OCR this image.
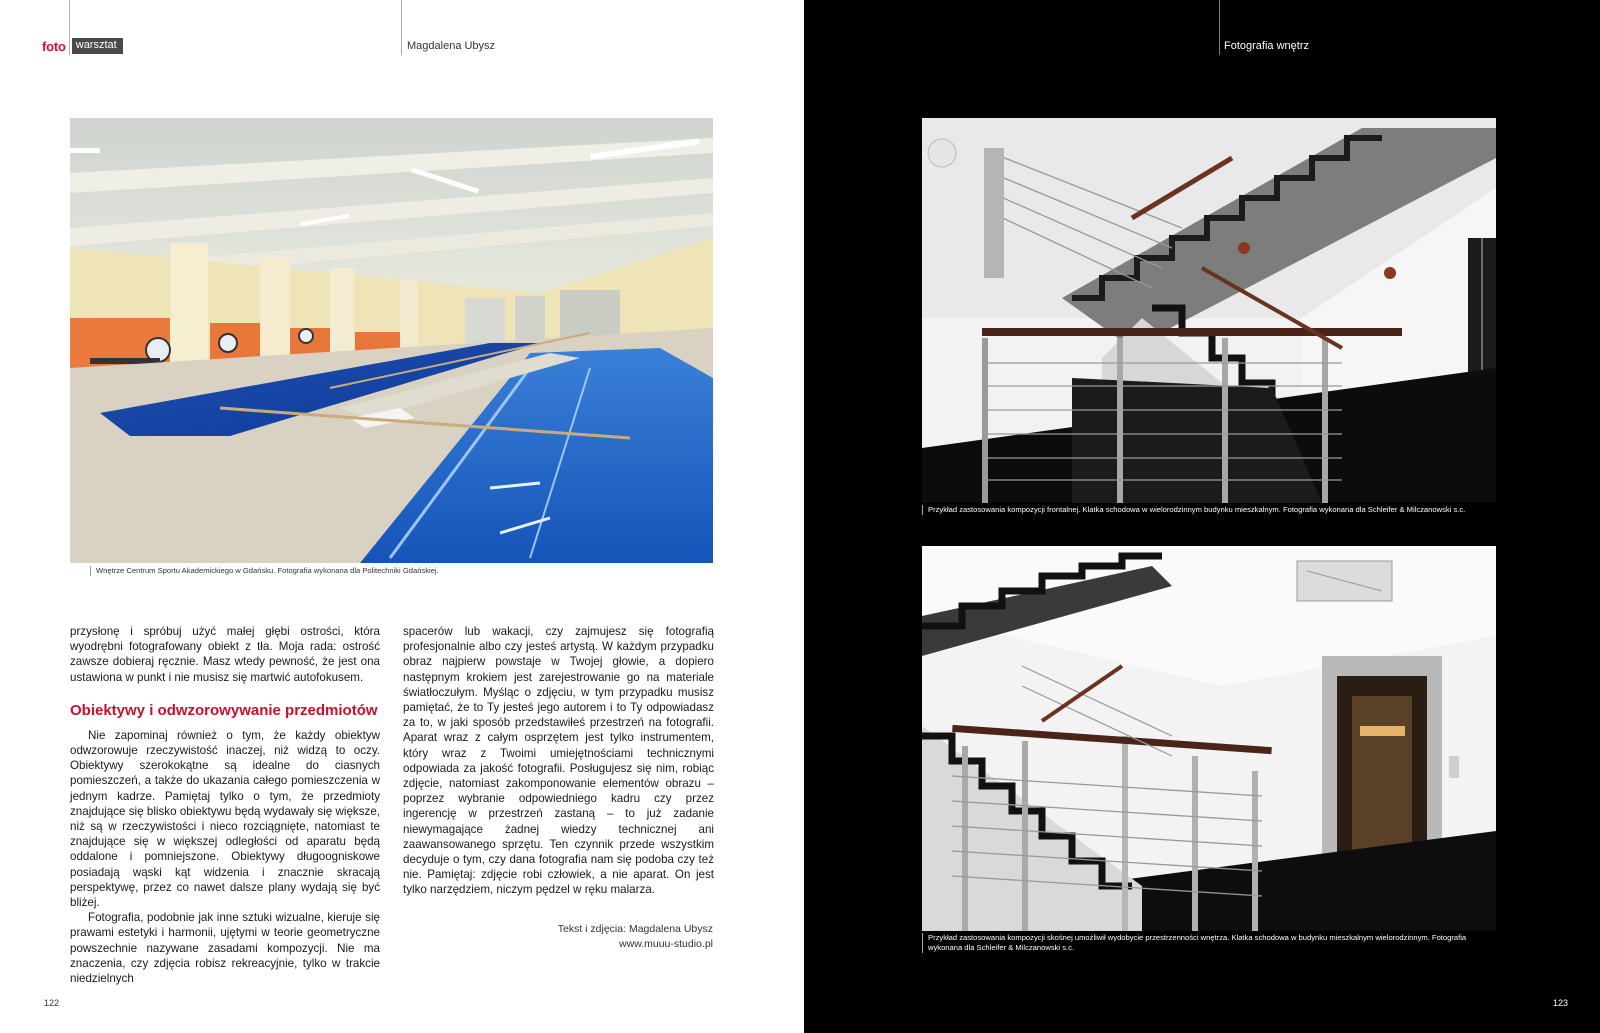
foto warsztat	Magdalena Ubysz
Wnętrze Centrum Sportu Akademickiego w Gdańsku. Fotografia wykonana dla Politechniki Gdańskiej.

przysłonę i spróbuj użyć małej głębi ostrości, która wyodrębni fotografowany obiekt z tła. Moja rada: ostrość zawsze dobieraj ręcznie. Masz wtedy pewność, że jest ona ustawiona w punkt i nie musisz się martwić autofokusem.

Obiektywy i odwzorowywanie przedmiotów

Nie zapominaj również o tym, że każdy obiektyw odwzorowuje rzeczywistość inaczej, niż widzą to oczy. Obiektywy szerokokątne są idealne do ciasnych pomieszczeń, a także do ukazania całego pomieszczenia w jednym kadrze. Pamiętaj tylko o tym, że przedmioty znajdujące się blisko obiektywu będą wydawały się większe, niż są w rzeczywistości i nieco rozciągnięte, natomiast te znajdujące się w większej odległości od aparatu będą oddalone i pomniejszone. Obiektywy długoogniskowe posiadają wąski kąt widzenia i znacznie skracają perspektywę, przez co nawet dalsze plany wydają się być bliżej.

Fotografia, podobnie jak inne sztuki wizualne, kieruje się prawami estetyki i harmonii, ujętymi w teorie geometryczne powszechnie nazywane zasadami kompozycji. Nie ma znaczenia, czy zdjęcia robisz rekreacyjnie, tylko w trakcie niedzielnych

spacerów lub wakacji, czy zajmujesz się fotografią profesjonalnie albo czy jesteś artystą. W każdym przypadku obraz najpierw powstaje w Twojej głowie, a dopiero następnym krokiem jest zarejestrowanie go na materiale światłoczułym. Myśląc o zdjęciu, w tym przypadku musisz pamiętać, że to Ty jesteś jego autorem i to Ty odpowiadasz za to, w jaki sposób przedstawiłeś przestrzeń na fotografii. Aparat wraz z całym osprzętem jest tylko instrumentem, który wraz z Twoimi umiejętnościami technicznymi odpowiada za jakość fotografii. Posługujesz się nim, robiąc zdjęcie, natomiast zakomponowanie elementów obrazu – poprzez wybranie odpowiedniego kadru czy przez ingerencję w przestrzeń zastaną – to już zadanie niewymagające żadnej wiedzy technicznej ani zaawansowanego sprzętu. Ten czynnik przede wszystkim decyduje o tym, czy dana fotografia nam się podoba czy też nie. Pamiętaj: zdjęcie robi człowiek, a nie aparat. On jest tylko narzędziem, niczym pędzel w ręku malarza.

Tekst i zdjęcia: Magdalena Ubysz
www.muuu-studio.pl
122
Fotografia wnętrz
Przykład zastosowania kompozycji frontalnej. Klatka schodowa w wielorodzinnym budynku mieszkalnym. Fotografia wykonana dla Schleifer & Milczanowski s.c.
Przykład zastosowania kompozycji skośnej umożliwił wydobycie przestrzenności wnętrza. Klatka schodowa w budynku mieszkalnym wielorodzinnym. Fotografia wykonana dla Schleifer & Milczanowski s.c.
123
